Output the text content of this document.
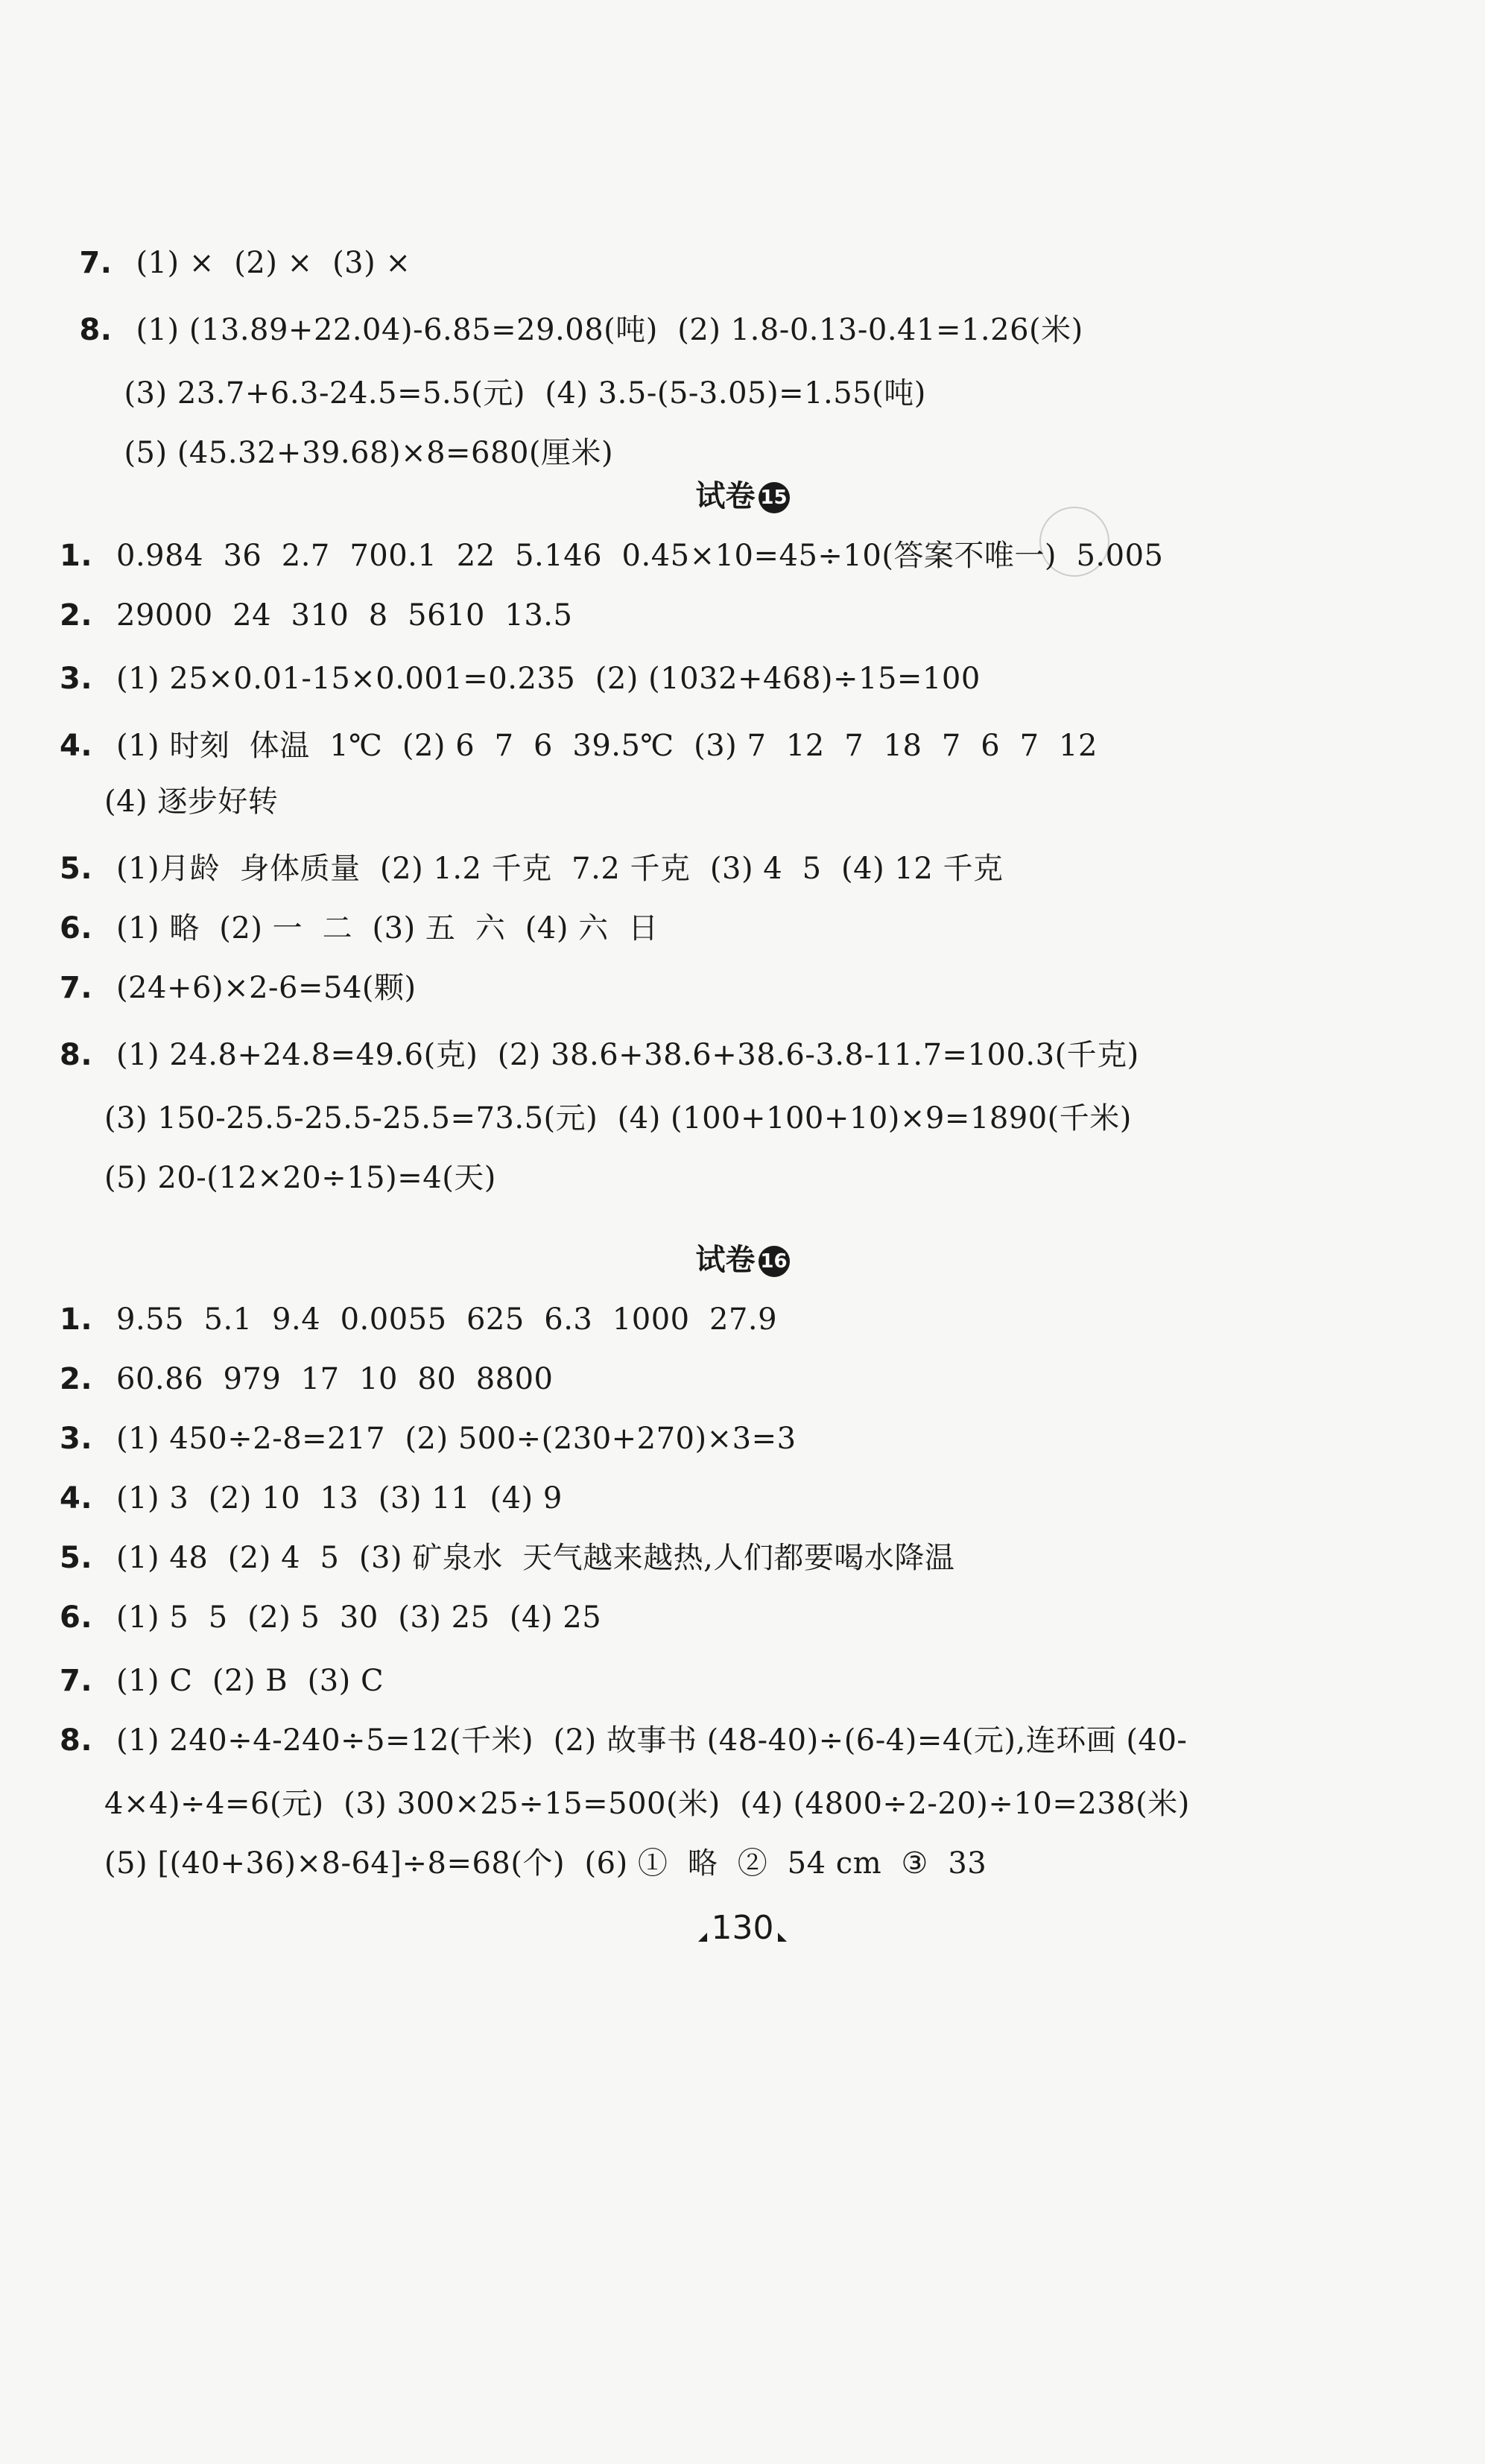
7. (1) ×  (2) ×  (3) ×

8. (1) (13.89+22.04)-6.85=29.08(吨)  (2) 1.8-0.13-0.41=1.26(米)

(3) 23.7+6.3-24.5=5.5(元)  (4) 3.5-(5-3.05)=1.55(吨)

(5) (45.32+39.68)×8=680(厘米)

试卷 15
1. 0.984  36  2.7  700.1  22  5.146  0.45×10=45÷10(答案不唯一)  5.005
2. 29000  24  310  8  5610  13.5
3. (1) 25×0.01-15×0.001=0.235  (2) (1032+468)÷15=100
4. (1) 时刻  体温  1℃  (2) 6  7  6  39.5℃  (3) 7  12  7  18  7  6  7  12
(4) 逐步好转
5. (1)月龄  身体质量  (2) 1.2 千克  7.2 千克  (3) 4  5  (4) 12 千克
6. (1) 略  (2) 一  二  (3) 五  六  (4) 六  日
7. (24+6)×2-6=54(颗)
8. (1) 24.8+24.8=49.6(克)  (2) 38.6+38.6+38.6-3.8-11.7=100.3(千克)
(3) 150-25.5-25.5-25.5=73.5(元)  (4) (100+100+10)×9=1890(千米)
(5) 20-(12×20÷15)=4(天)
试卷 16
1. 9.55  5.1  9.4  0.0055  625  6.3  1000  27.9
2. 60.86  979  17  10  80  8800
3. (1) 450÷2-8=217  (2) 500÷(230+270)×3=3
4. (1) 3  (2) 10  13  (3) 11  (4) 9
5. (1) 48  (2) 4  5  (3) 矿泉水  天气越来越热,人们都要喝水降温
6. (1) 5  5  (2) 5  30  (3) 25  (4) 25
7. (1) C  (2) B  (3) C
8. (1) 240÷4-240÷5=12(千米)  (2) 故事书 (48-40)÷(6-4)=4(元),连环画 (40-
4×4)÷4=6(元)  (3) 300×25÷15=500(米)  (4) (4800÷2-20)÷10=238(米)
(5) [(40+36)×8-64]÷8=68(个)  (6) ①  略  ②  54 cm  ③  33
130
